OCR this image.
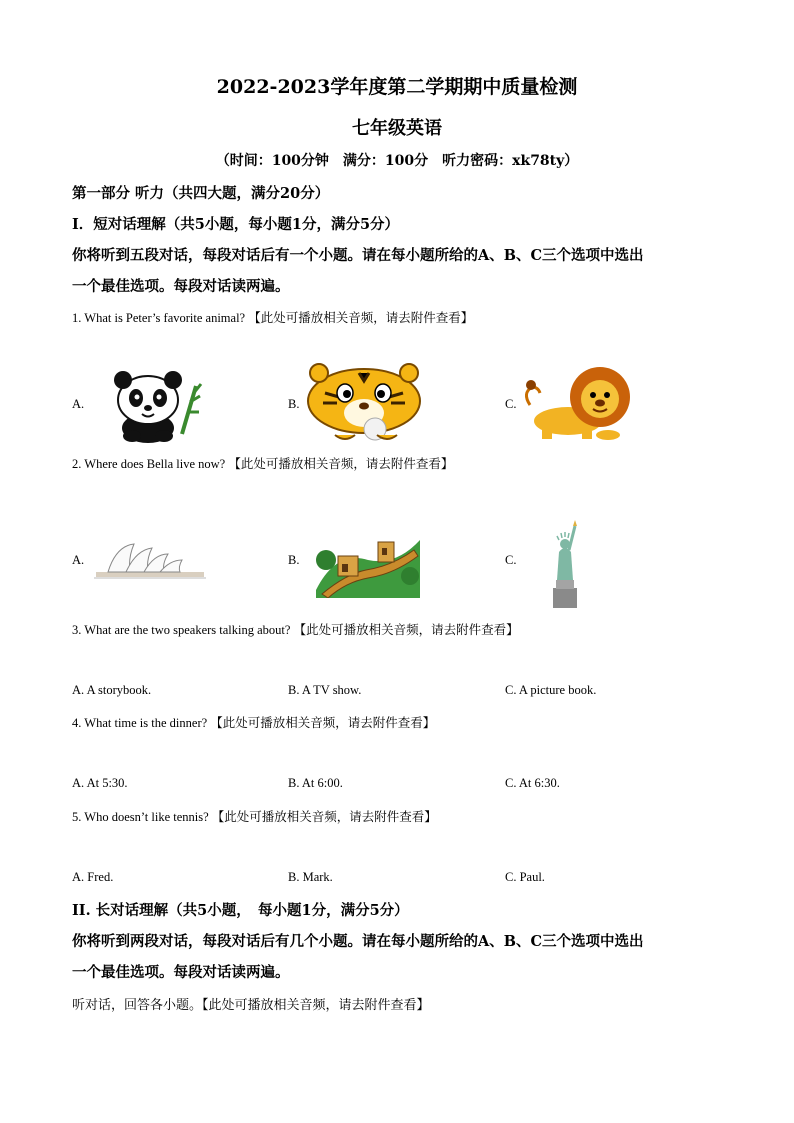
2022-2023学年度第二学期期中质量检测
七年级英语
（时间：100分钟　满分：100分　听力密码：xk78ty）
第一部分 听力（共四大题，满分20分）
Ⅰ．短对话理解（共5小题，每小题1分，满分5分）
你将听到五段对话，每段对话后有一个小题。请在每小题所给的A、B、C三个选项中选出
一个最佳选项。每段对话读两遍。
1. What is Peter’s favorite animal? 【此处可播放相关音频，请去附件查看】
A.	B.	C.
2. Where does Bella live now? 【此处可播放相关音频，请去附件查看】
A.	B.	C.
3. What are the two speakers talking about? 【此处可播放相关音频，请去附件查看】
A. A storybook.	B. A TV show.	C. A picture book.
4. What time is the dinner? 【此处可播放相关音频，请去附件查看】
A. At 5:30.	B. At 6:00.	C. At 6:30.
5. Who doesn’t like tennis? 【此处可播放相关音频，请去附件查看】
A. Fred.	B. Mark.	C. Paul.
II. 长对话理解（共5小题，　每小题1分，满分5分）
你将听到两段对话，每段对话后有几个小题。请在每小题所给的A、B、C三个选项中选出
一个最佳选项。每段对话读两遍。
听对话，回答各小题。【此处可播放相关音频，请去附件查看】
